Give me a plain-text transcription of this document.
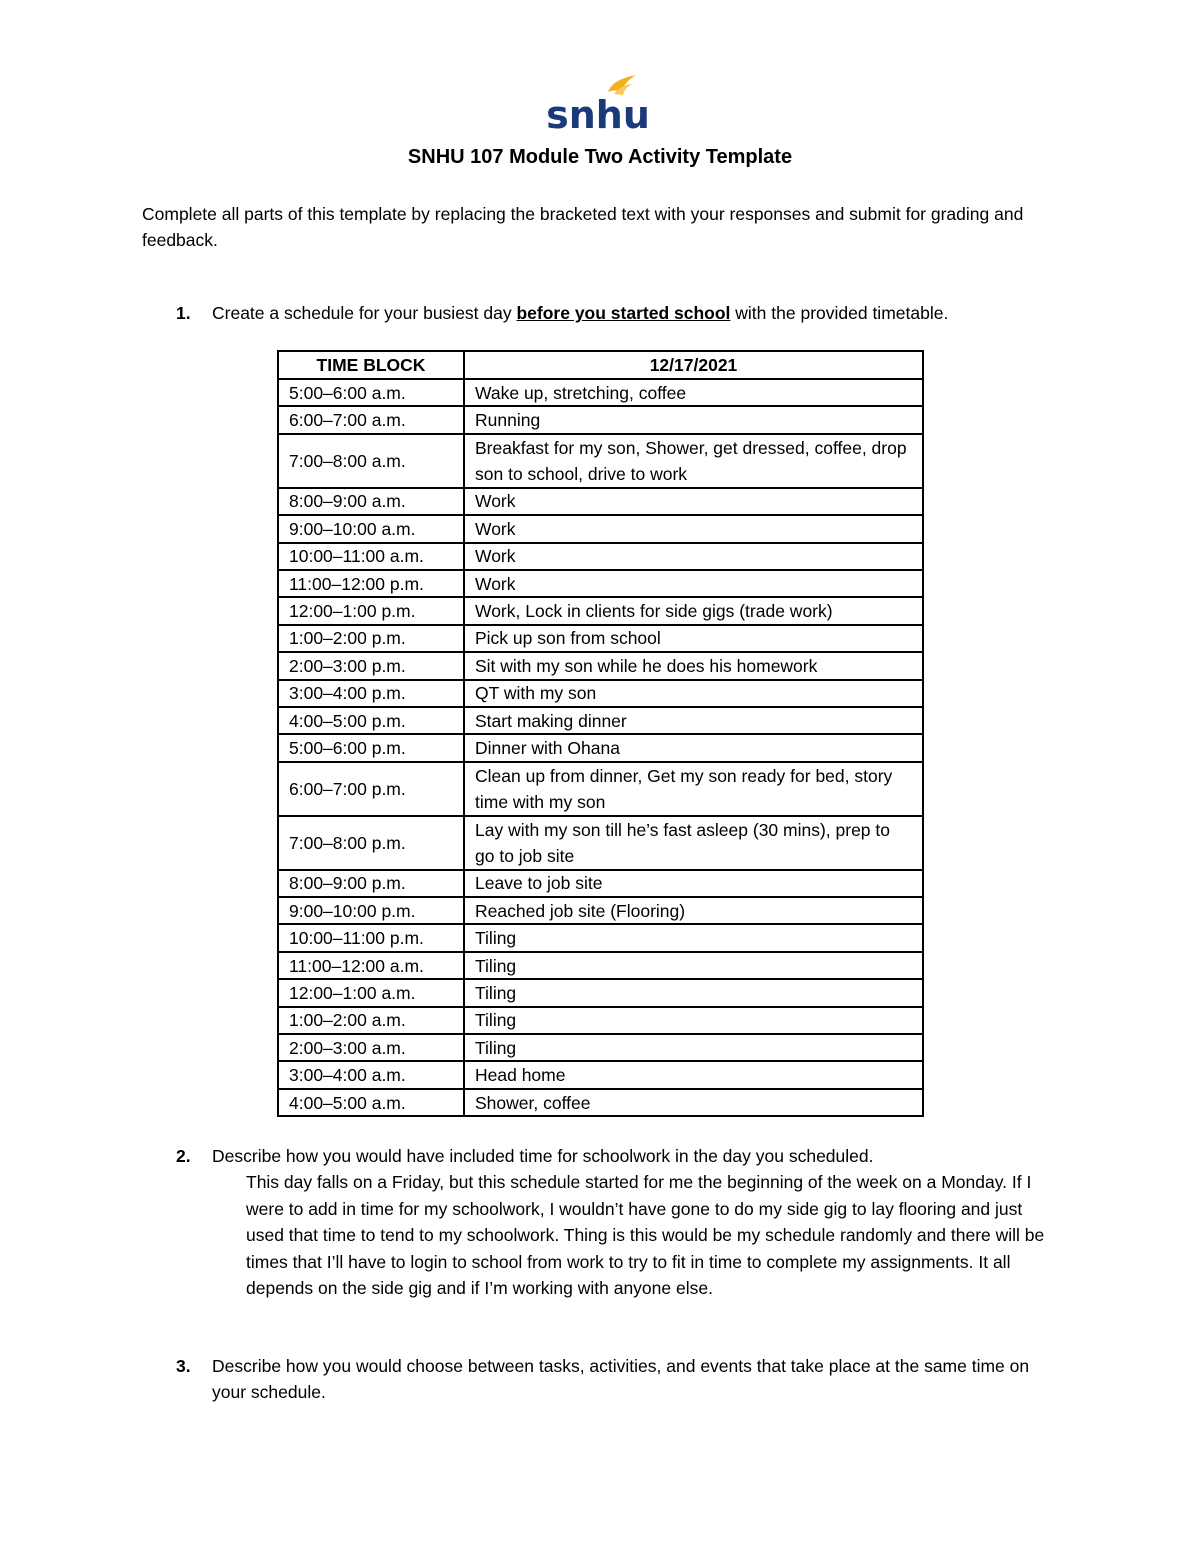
snhu
SNHU 107 Module Two Activity Template
Complete all parts of this template by replacing the bracketed text with your responses and submit for grading and feedback.
1. Create a schedule for your busiest day before you started school with the provided timetable.
TIME BLOCK	12/17/2021
5:00–6:00 a.m.	Wake up, stretching, coffee
6:00–7:00 a.m.	Running
7:00–8:00 a.m.	Breakfast for my son, Shower, get dressed, coffee, drop son to school, drive to work
8:00–9:00 a.m.	Work
9:00–10:00 a.m.	Work
10:00–11:00 a.m.	Work
11:00–12:00 p.m.	Work
12:00–1:00 p.m.	Work, Lock in clients for side gigs (trade work)
1:00–2:00 p.m.	Pick up son from school
2:00–3:00 p.m.	Sit with my son while he does his homework
3:00–4:00 p.m.	QT with my son
4:00–5:00 p.m.	Start making dinner
5:00–6:00 p.m.	Dinner with Ohana
6:00–7:00 p.m.	Clean up from dinner, Get my son ready for bed, story time with my son
7:00–8:00 p.m.	Lay with my son till he’s fast asleep (30 mins), prep to go to job site
8:00–9:00 p.m.	Leave to job site
9:00–10:00 p.m.	Reached job site (Flooring)
10:00–11:00 p.m.	Tiling
11:00–12:00 a.m.	Tiling
12:00–1:00 a.m.	Tiling
1:00–2:00 a.m.	Tiling
2:00–3:00 a.m.	Tiling
3:00–4:00 a.m.	Head home
4:00–5:00 a.m.	Shower, coffee
2. Describe how you would have included time for schoolwork in the day you scheduled.
This day falls on a Friday, but this schedule started for me the beginning of the week on a Monday. If I were to add in time for my schoolwork, I wouldn’t have gone to do my side gig to lay flooring and just used that time to tend to my schoolwork. Thing is this would be my schedule randomly and there will be times that I’ll have to login to school from work to try to fit in time to complete my assignments. It all depends on the side gig and if I’m working with anyone else.
3. Describe how you would choose between tasks, activities, and events that take place at the same time on your schedule.
